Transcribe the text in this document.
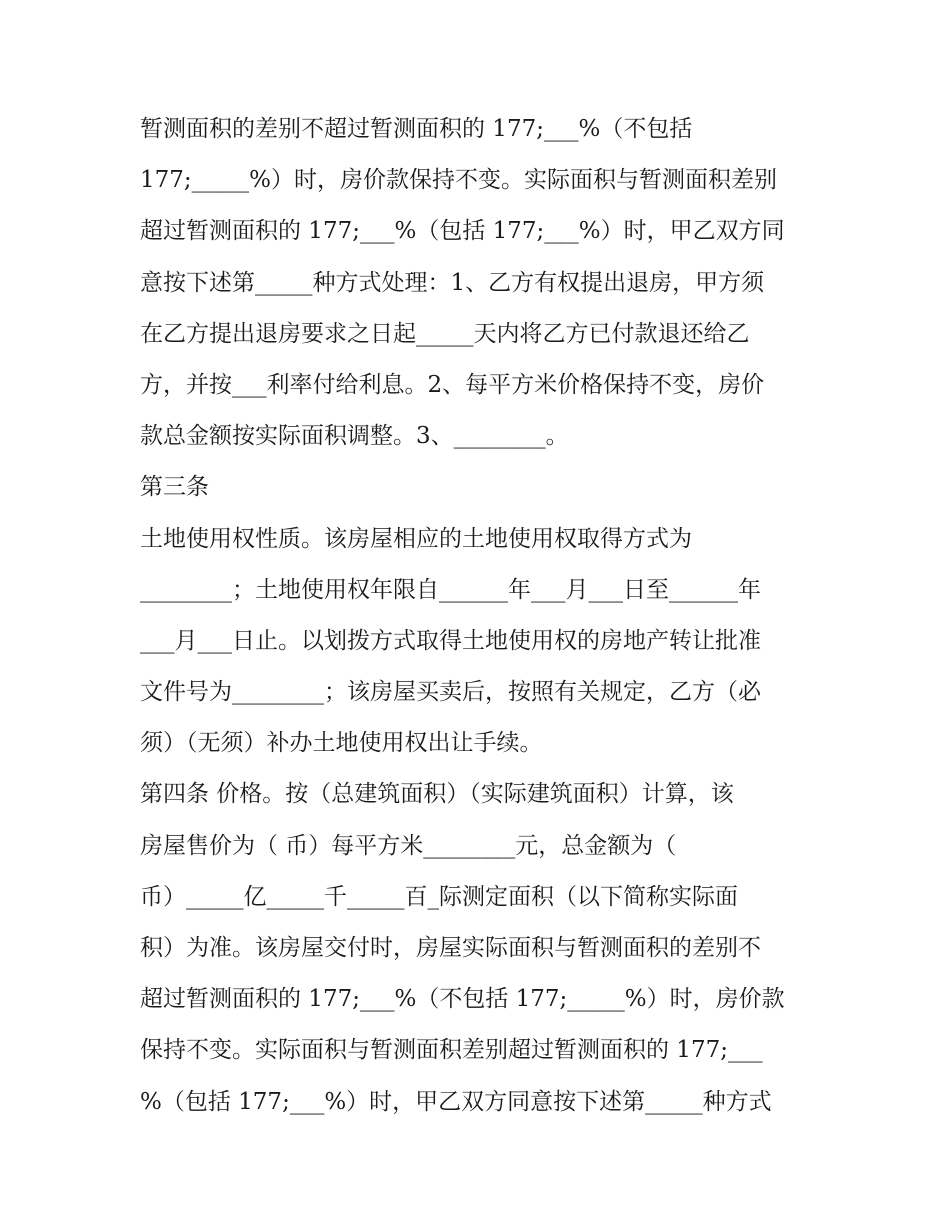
暂测面积的差别不超过暂测面积的 177;___%（不包括
177;_____%）时，房价款保持不变。实际面积与暂测面积差别
超过暂测面积的 177;___%（包括 177;___%）时，甲乙双方同
意按下述第_____种方式处理：1、乙方有权提出退房，甲方须
在乙方提出退房要求之日起_____天内将乙方已付款退还给乙
方，并按___利率付给利息。2、每平方米价格保持不变，房价
款总金额按实际面积调整。3、________。
第三条
土地使用权性质。该房屋相应的土地使用权取得方式为
________；土地使用权年限自______年___月___日至______年
___月___日止。以划拨方式取得土地使用权的房地产转让批准
文件号为________；该房屋买卖后，按照有关规定，乙方（必
须）（无须）补办土地使用权出让手续。
第四条 价格。按（总建筑面积）（实际建筑面积）计算，该
房屋售价为（ 币）每平方米________元，总金额为（
币）_____亿_____千_____百_际测定面积（以下简称实际面
积）为准。该房屋交付时，房屋实际面积与暂测面积的差别不
超过暂测面积的 177;___%（不包括 177;_____%）时，房价款
保持不变。实际面积与暂测面积差别超过暂测面积的 177;___
%（包括 177;___%）时，甲乙双方同意按下述第_____种方式
